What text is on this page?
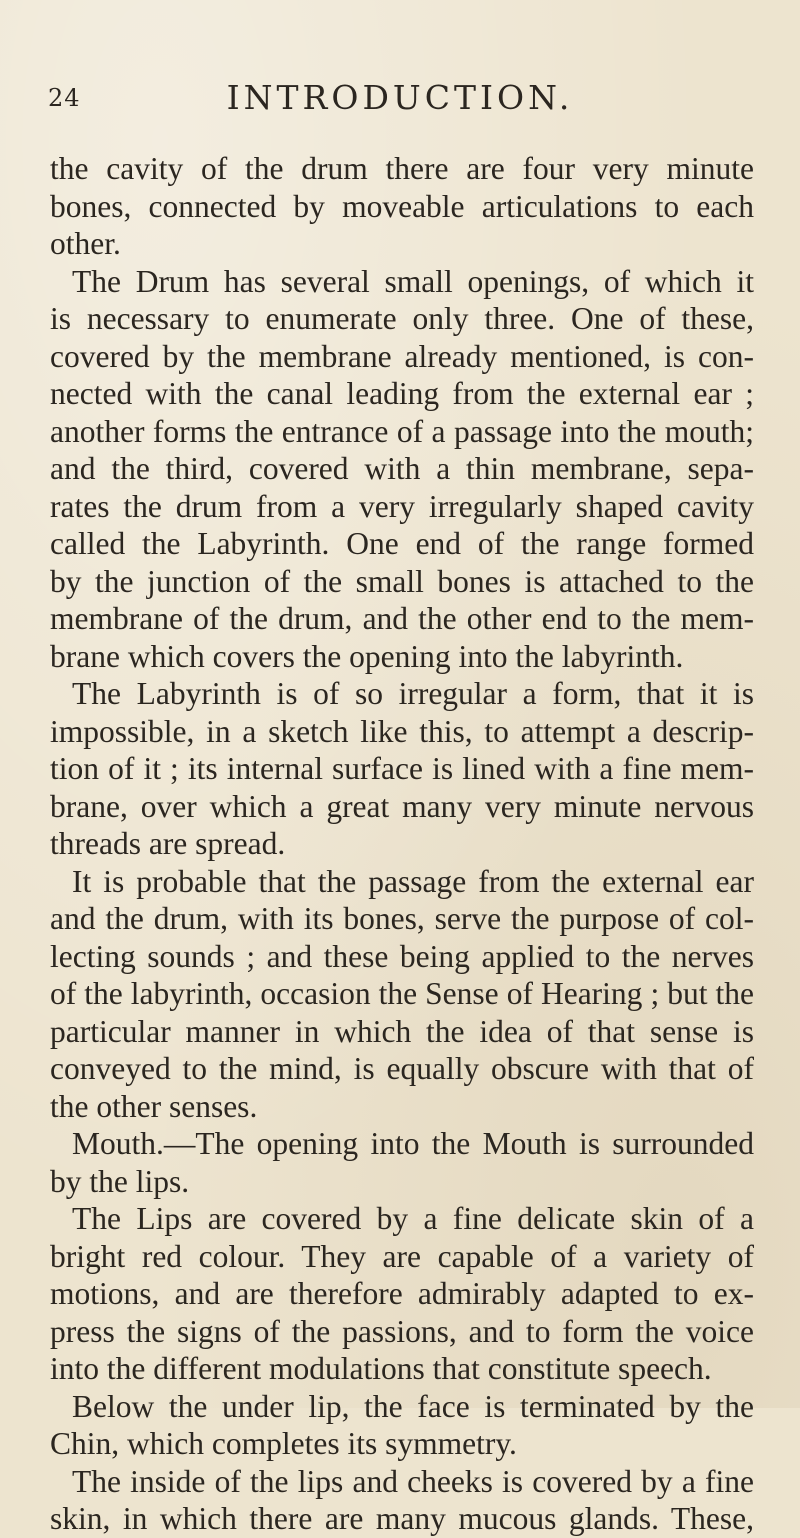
24	INTRODUCTION.
the cavity of the drum there are four very minute
bones, connected by moveable articulations to each
other.
The Drum has several small openings, of which it
is necessary to enumerate only three. One of these,
covered by the membrane already mentioned, is con-
nected with the canal leading from the external ear ;
another forms the entrance of a passage into the mouth;
and the third, covered with a thin membrane, sepa-
rates the drum from a very irregularly shaped cavity
called the Labyrinth. One end of the range formed
by the junction of the small bones is attached to the
membrane of the drum, and the other end to the mem-
brane which covers the opening into the labyrinth.
The Labyrinth is of so irregular a form, that it is
impossible, in a sketch like this, to attempt a descrip-
tion of it ; its internal surface is lined with a fine mem-
brane, over which a great many very minute nervous
threads are spread.
It is probable that the passage from the external ear
and the drum, with its bones, serve the purpose of col-
lecting sounds ; and these being applied to the nerves
of the labyrinth, occasion the Sense of Hearing ; but the
particular manner in which the idea of that sense is
conveyed to the mind, is equally obscure with that of
the other senses.
Mouth.—The opening into the Mouth is surrounded
by the lips.
The Lips are covered by a fine delicate skin of a
bright red colour. They are capable of a variety of
motions, and are therefore admirably adapted to ex-
press the signs of the passions, and to form the voice
into the different modulations that constitute speech.
Below the under lip, the face is terminated by the
Chin, which completes its symmetry.
The inside of the lips and cheeks is covered by a fine
skin, in which there are many mucous glands. These,
